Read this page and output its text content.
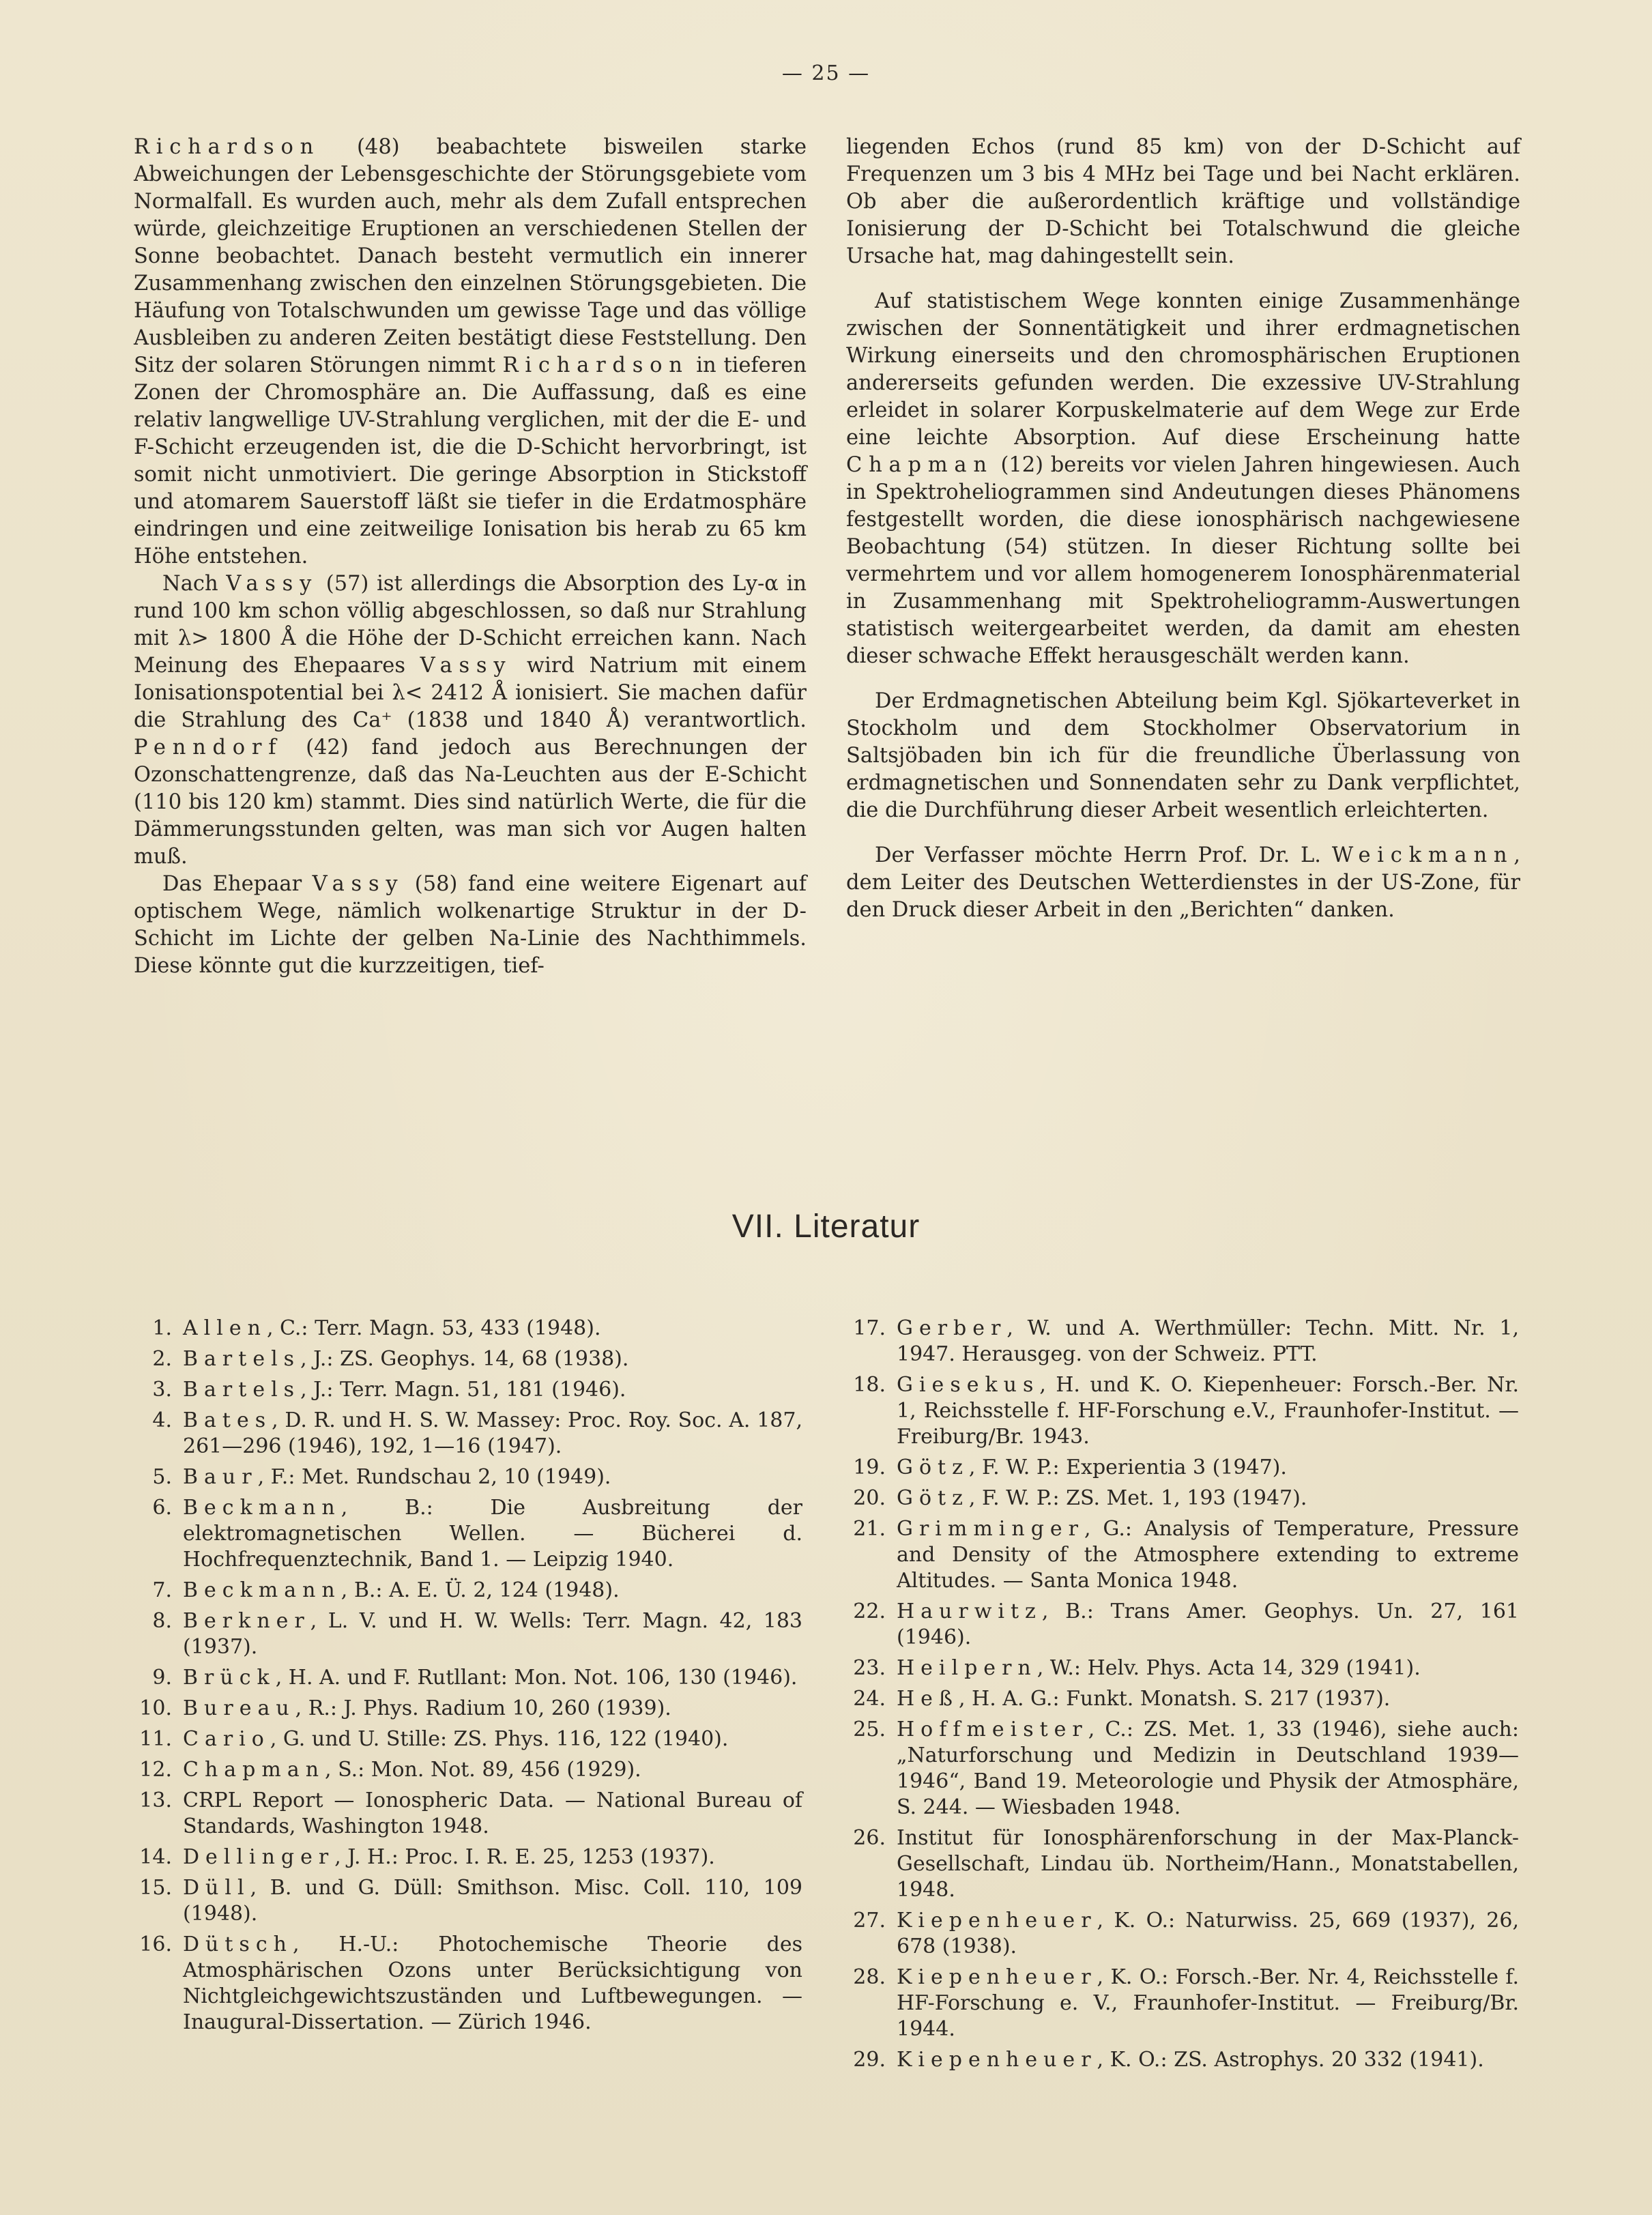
— 25 —

Richardson (48) beabachtete bisweilen starke Abweichungen der Lebensgeschichte der Störungsgebiete vom Normalfall. Es wurden auch, mehr als dem Zufall entsprechen würde, gleichzeitige Eruptionen an verschiedenen Stellen der Sonne beobachtet. Danach besteht vermutlich ein innerer Zusammenhang zwischen den einzelnen Störungsgebieten. Die Häufung von Totalschwunden um gewisse Tage und das völlige Ausbleiben zu anderen Zeiten bestätigt diese Feststellung. Den Sitz der solaren Störungen nimmt Richardson in tieferen Zonen der Chromosphäre an. Die Auffassung, daß es eine relativ langwellige UV-Strahlung verglichen, mit der die E- und F-Schicht erzeugenden ist, die die D-Schicht hervorbringt, ist somit nicht unmotiviert. Die geringe Absorption in Stickstoff und atomarem Sauerstoff läßt sie tiefer in die Erdatmosphäre eindringen und eine zeitweilige Ionisation bis herab zu 65 km Höhe entstehen.

Nach Vassy (57) ist allerdings die Absorption des Ly-α in rund 100 km schon völlig abgeschlossen, so daß nur Strahlung mit λ> 1800 Å die Höhe der D-Schicht erreichen kann. Nach Meinung des Ehepaares Vassy wird Natrium mit einem Ionisationspotential bei λ< 2412 Å ionisiert. Sie machen dafür die Strahlung des Ca⁺ (1838 und 1840 Å) verantwortlich. Penndorf (42) fand jedoch aus Berechnungen der Ozonschattengrenze, daß das Na-Leuchten aus der E-Schicht (110 bis 120 km) stammt. Dies sind natürlich Werte, die für die Dämmerungsstunden gelten, was man sich vor Augen halten muß.

Das Ehepaar Vassy (58) fand eine weitere Eigenart auf optischem Wege, nämlich wolkenartige Struktur in der D-Schicht im Lichte der gelben Na-Linie des Nachthimmels. Diese könnte gut die kurzzeitigen, tief-

liegenden Echos (rund 85 km) von der D-Schicht auf Frequenzen um 3 bis 4 MHz bei Tage und bei Nacht erklären. Ob aber die außerordentlich kräftige und vollständige Ionisierung der D-Schicht bei Totalschwund die gleiche Ursache hat, mag dahingestellt sein.

Auf statistischem Wege konnten einige Zusammenhänge zwischen der Sonnentätigkeit und ihrer erdmagnetischen Wirkung einerseits und den chromosphärischen Eruptionen andererseits gefunden werden. Die exzessive UV-Strahlung erleidet in solarer Korpuskelmaterie auf dem Wege zur Erde eine leichte Absorption. Auf diese Erscheinung hatte Chapman (12) bereits vor vielen Jahren hingewiesen. Auch in Spektroheliogrammen sind Andeutungen dieses Phänomens festgestellt worden, die diese ionosphärisch nachgewiesene Beobachtung (54) stützen. In dieser Richtung sollte bei vermehrtem und vor allem homogenerem Ionosphärenmaterial in Zusammenhang mit Spektroheliogramm-Auswertungen statistisch weitergearbeitet werden, da damit am ehesten dieser schwache Effekt herausgeschält werden kann.

Der Erdmagnetischen Abteilung beim Kgl. Sjökarteverket in Stockholm und dem Stockholmer Observatorium in Saltsjöbaden bin ich für die freundliche Überlassung von erdmagnetischen und Sonnendaten sehr zu Dank verpflichtet, die die Durchführung dieser Arbeit wesentlich erleichterten.

Der Verfasser möchte Herrn Prof. Dr. L. Weickmann, dem Leiter des Deutschen Wetterdienstes in der US-Zone, für den Druck dieser Arbeit in den „Berichten“ danken.

VII. Literatur
1. Allen, C.: Terr. Magn. 53, 433 (1948).
2. Bartels, J.: ZS. Geophys. 14, 68 (1938).
3. Bartels, J.: Terr. Magn. 51, 181 (1946).
4. Bates, D. R. und H. S. W. Massey: Proc. Roy. Soc. A. 187, 261—296 (1946), 192, 1—16 (1947).
5. Baur, F.: Met. Rundschau 2, 10 (1949).
6. Beckmann, B.: Die Ausbreitung der elektromagnetischen Wellen. — Bücherei d. Hochfrequenztechnik, Band 1. — Leipzig 1940.
7. Beckmann, B.: A. E. Ü. 2, 124 (1948).
8. Berkner, L. V. und H. W. Wells: Terr. Magn. 42, 183 (1937).
9. Brück, H. A. und F. Rutllant: Mon. Not. 106, 130 (1946).
10. Bureau, R.: J. Phys. Radium 10, 260 (1939).
11. Cario, G. und U. Stille: ZS. Phys. 116, 122 (1940).
12. Chapman, S.: Mon. Not. 89, 456 (1929).
13. CRPL Report — Ionospheric Data. — National Bureau of Standards, Washington 1948.
14. Dellinger, J. H.: Proc. I. R. E. 25, 1253 (1937).
15. Düll, B. und G. Düll: Smithson. Misc. Coll. 110, 109 (1948).
16. Dütsch, H.-U.: Photochemische Theorie des Atmosphärischen Ozons unter Berücksichtigung von Nichtgleichgewichtszuständen und Luftbewegungen. — Inaugural-Dissertation. — Zürich 1946.
17. Gerber, W. und A. Werthmüller: Techn. Mitt. Nr. 1, 1947. Herausgeg. von der Schweiz. PTT.
18. Giesekus, H. und K. O. Kiepenheuer: Forsch.-Ber. Nr. 1, Reichsstelle f. HF-Forschung e.V., Fraunhofer-Institut. — Freiburg/Br. 1943.
19. Götz, F. W. P.: Experientia 3 (1947).
20. Götz, F. W. P.: ZS. Met. 1, 193 (1947).
21. Grimminger, G.: Analysis of Temperature, Pressure and Density of the Atmosphere extending to extreme Altitudes. — Santa Monica 1948.
22. Haurwitz, B.: Trans Amer. Geophys. Un. 27, 161 (1946).
23. Heilpern, W.: Helv. Phys. Acta 14, 329 (1941).
24. Heß, H. A. G.: Funkt. Monatsh. S. 217 (1937).
25. Hoffmeister, C.: ZS. Met. 1, 33 (1946), siehe auch: „Naturforschung und Medizin in Deutschland 1939—1946“, Band 19. Meteorologie und Physik der Atmosphäre, S. 244. — Wiesbaden 1948.
26. Institut für Ionosphärenforschung in der Max-Planck-Gesellschaft, Lindau üb. Northeim/Hann., Monatstabellen, 1948.
27. Kiepenheuer, K. O.: Naturwiss. 25, 669 (1937), 26, 678 (1938).
28. Kiepenheuer, K. O.: Forsch.-Ber. Nr. 4, Reichsstelle f. HF-Forschung e. V., Fraunhofer-Institut. — Freiburg/Br. 1944.
29. Kiepenheuer, K. O.: ZS. Astrophys. 20 332 (1941).
